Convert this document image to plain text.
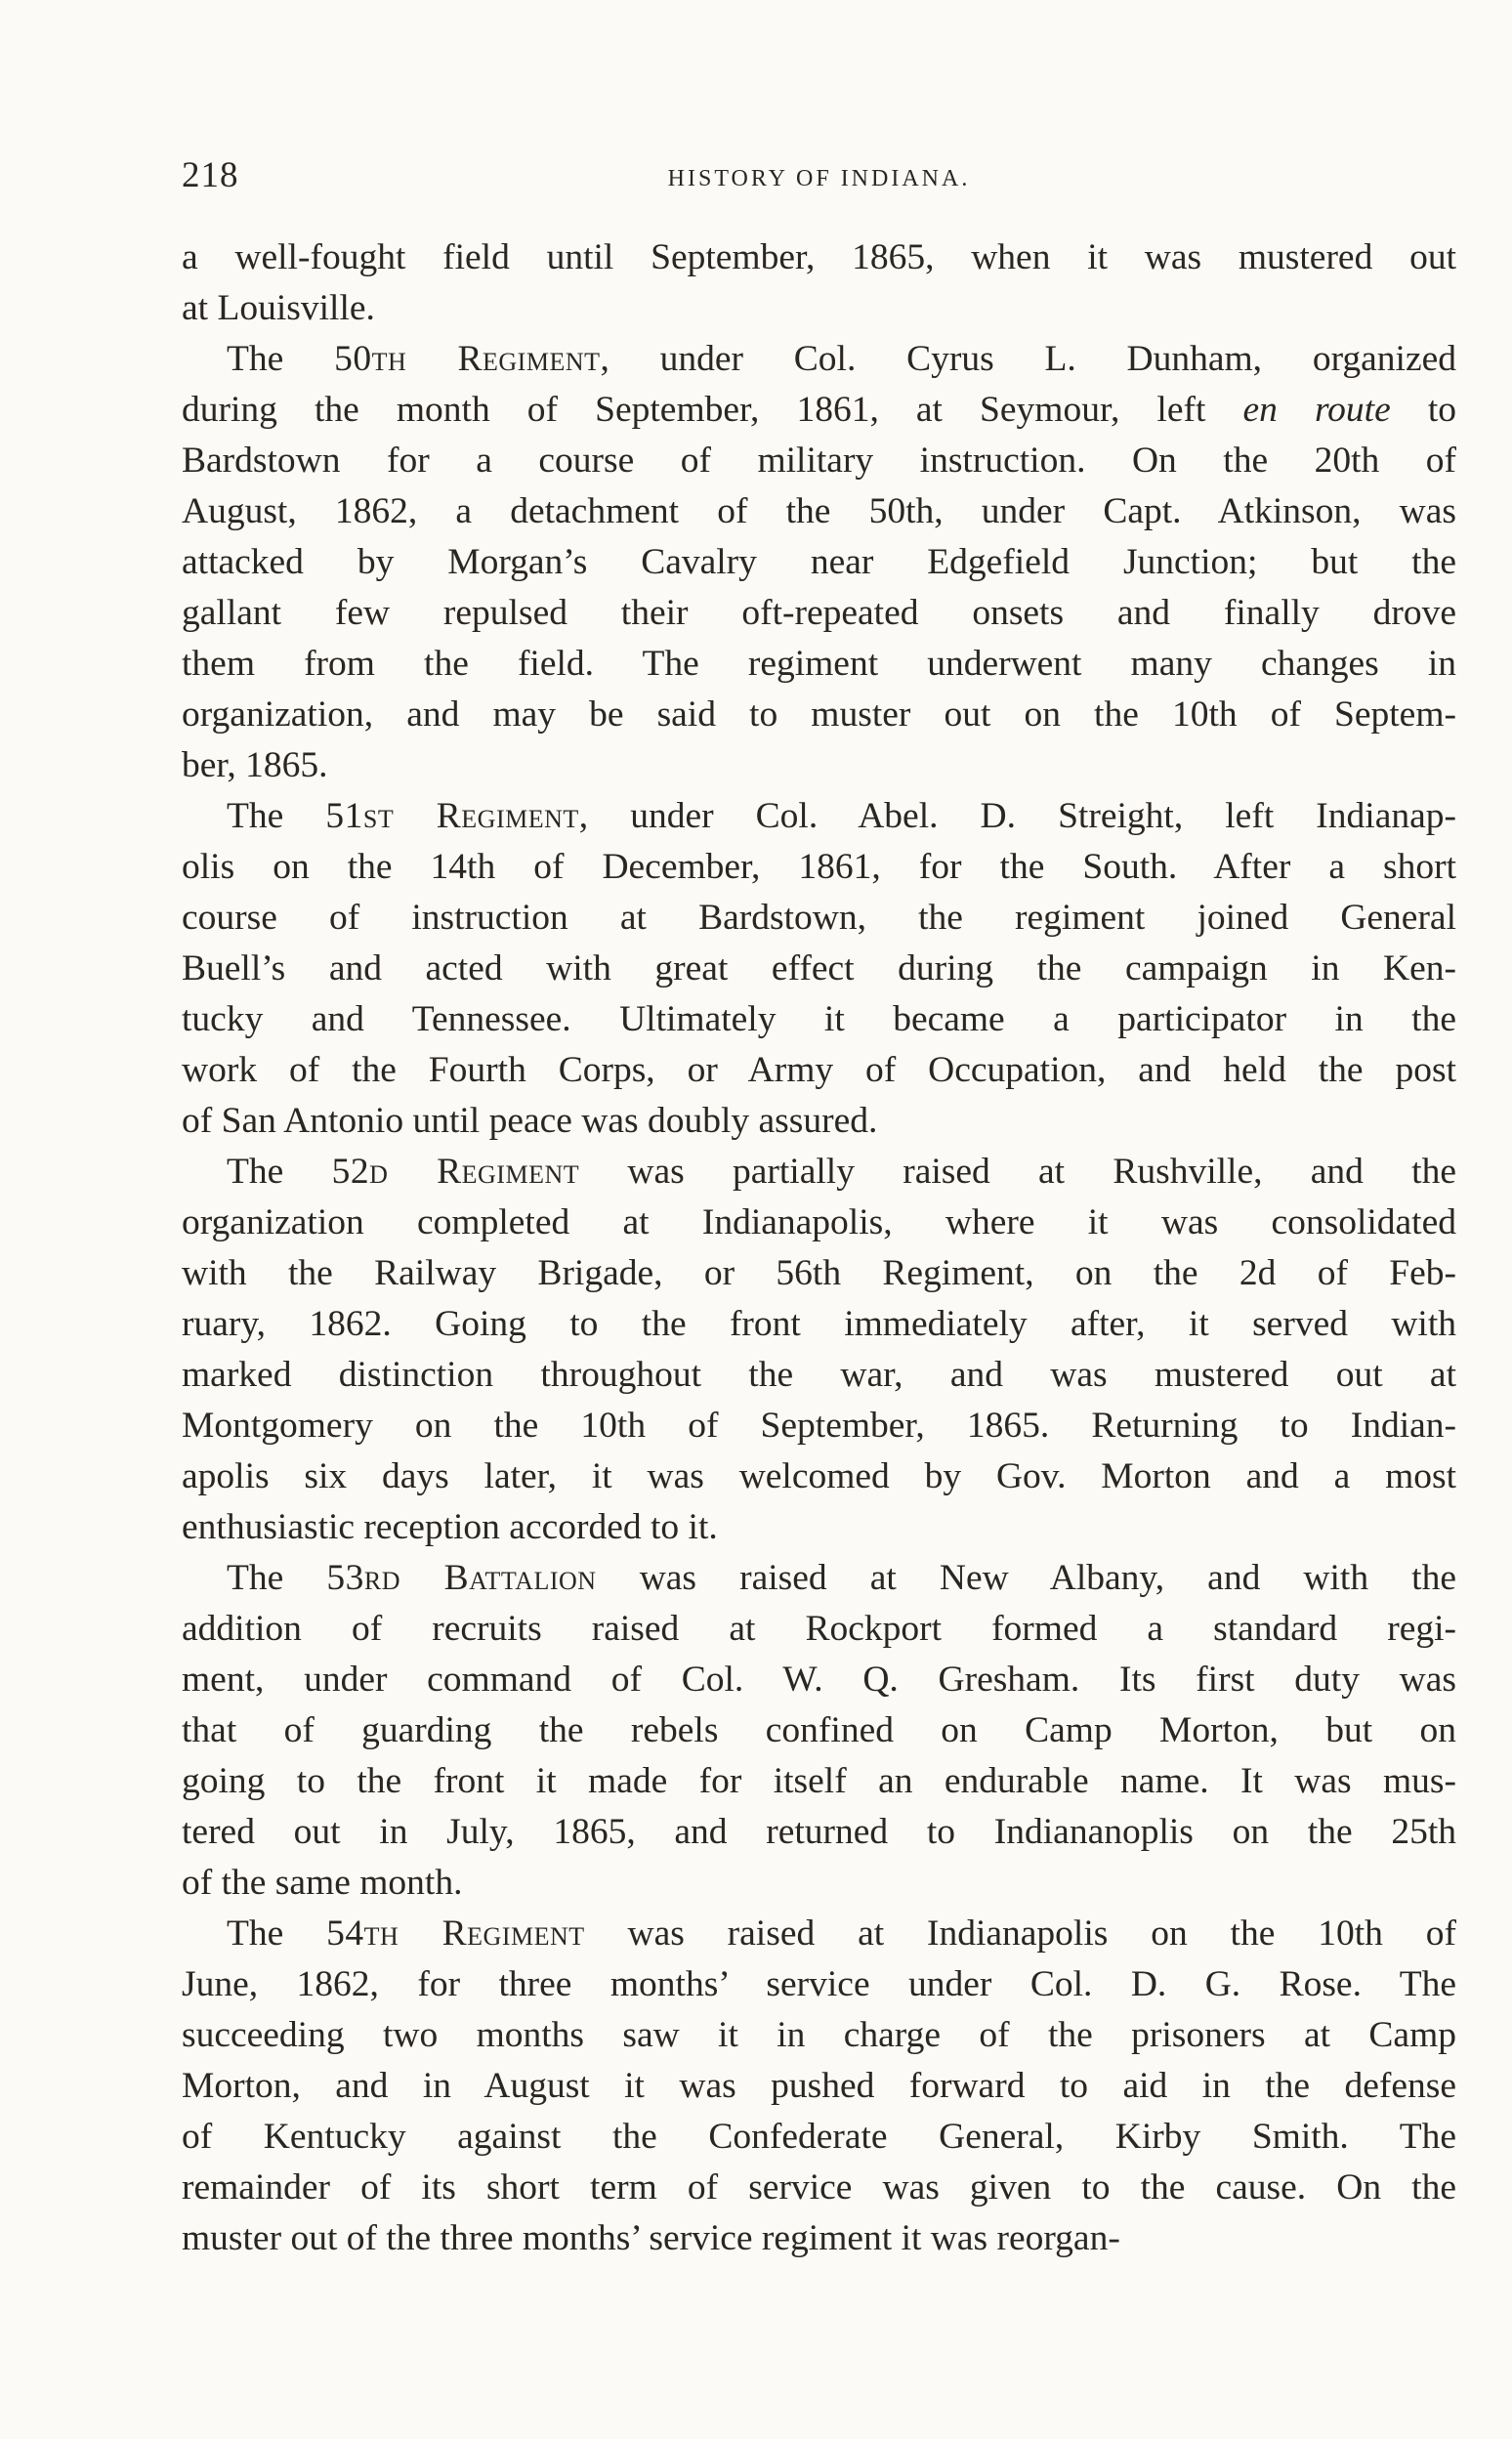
218	HISTORY OF INDIANA.
a well-fought field until September, 1865, when it was mustered out
at Louisville.
The 50th Regiment, under Col. Cyrus L. Dunham, organized
during the month of September, 1861, at Seymour, left en route to
Bardstown for a course of military instruction. On the 20th of
August, 1862, a detachment of the 50th, under Capt. Atkinson, was
attacked by Morgan’s Cavalry near Edgefield Junction; but the
gallant few repulsed their oft-repeated onsets and finally drove
them from the field. The regiment underwent many changes in
organization, and may be said to muster out on the 10th of Septem-
ber, 1865.
The 51st Regiment, under Col. Abel. D. Streight, left Indianap-
olis on the 14th of December, 1861, for the South. After a short
course of instruction at Bardstown, the regiment joined General
Buell’s and acted with great effect during the campaign in Ken-
tucky and Tennessee. Ultimately it became a participator in the
work of the Fourth Corps, or Army of Occupation, and held the post
of San Antonio until peace was doubly assured.
The 52d Regiment was partially raised at Rushville, and the
organization completed at Indianapolis, where it was consolidated
with the Railway Brigade, or 56th Regiment, on the 2d of Feb-
ruary, 1862. Going to the front immediately after, it served with
marked distinction throughout the war, and was mustered out at
Montgomery on the 10th of September, 1865. Returning to Indian-
apolis six days later, it was welcomed by Gov. Morton and a most
enthusiastic reception accorded to it.
The 53rd Battalion was raised at New Albany, and with the
addition of recruits raised at Rockport formed a standard regi-
ment, under command of Col. W. Q. Gresham. Its first duty was
that of guarding the rebels confined on Camp Morton, but on
going to the front it made for itself an endurable name. It was mus-
tered out in July, 1865, and returned to Indiananoplis on the 25th
of the same month.
The 54th Regiment was raised at Indianapolis on the 10th of
June, 1862, for three months’ service under Col. D. G. Rose. The
succeeding two months saw it in charge of the prisoners at Camp
Morton, and in August it was pushed forward to aid in the defense
of Kentucky against the Confederate General, Kirby Smith. The
remainder of its short term of service was given to the cause. On the
muster out of the three months’ service regiment it was reorgan-
